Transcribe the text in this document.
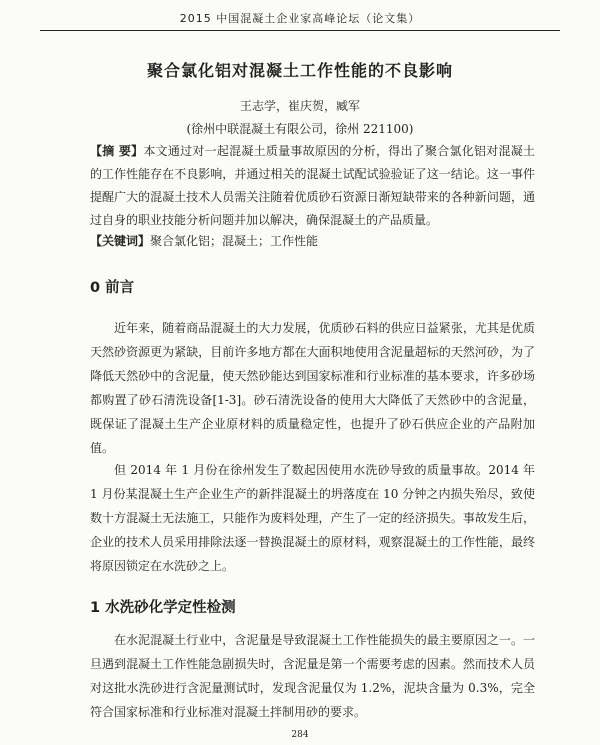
2015 中国混凝土企业家高峰论坛（论文集）
聚合氯化铝对混凝土工作性能的不良影响
王志学，崔庆贺，臧军
(徐州中联混凝土有限公司，徐州 221100)

【摘 要】本文通过对一起混凝土质量事故原因的分析，得出了聚合氯化铝对混凝土的工作性能存在不良影响，并通过相关的混凝土试配试验验证了这一结论。这一事件提醒广大的混凝土技术人员需关注随着优质砂石资源日渐短缺带来的各种新问题，通过自身的职业技能分析问题并加以解决，确保混凝土的产品质量。

【关键词】聚合氯化铝；混凝土；工作性能

0 前言

近年来，随着商品混凝土的大力发展，优质砂石料的供应日益紧张，尤其是优质天然砂资源更为紧缺，目前许多地方都在大面积地使用含泥量超标的天然河砂，为了降低天然砂中的含泥量，使天然砂能达到国家标准和行业标准的基本要求，许多砂场都购置了砂石清洗设备[1-3]。砂石清洗设备的使用大大降低了天然砂中的含泥量，既保证了混凝土生产企业原材料的质量稳定性，也提升了砂石供应企业的产品附加值。

但 2014 年 1 月份在徐州发生了数起因使用水洗砂导致的质量事故。2014 年 1 月份某混凝土生产企业生产的新拌混凝土的坍落度在 10 分钟之内损失殆尽，致使数十方混凝土无法施工，只能作为废料处理，产生了一定的经济损失。事故发生后，企业的技术人员采用排除法逐一替换混凝土的原材料，观察混凝土的工作性能，最终将原因锁定在水洗砂之上。

1 水洗砂化学定性检测

在水泥混凝土行业中，含泥量是导致混凝土工作性能损失的最主要原因之一。一旦遇到混凝土工作性能急剧损失时，含泥量是第一个需要考虑的因素。然而技术人员对这批水洗砂进行含泥量测试时，发现含泥量仅为 1.2%，泥块含量为 0.3%，完全符合国家标准和行业标准对混凝土拌制用砂的要求。

284
